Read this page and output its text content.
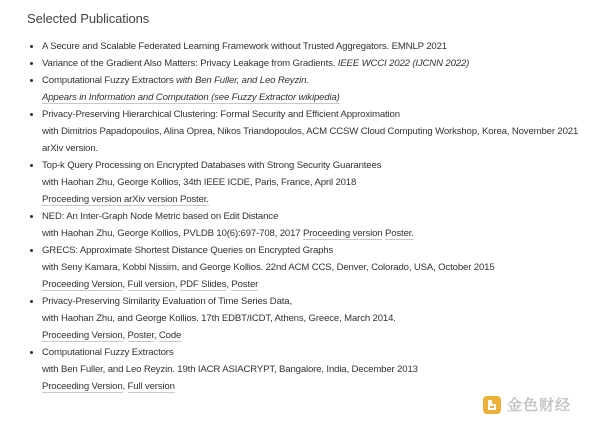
Selected Publications
A Secure and Scalable Federated Learning Framework without Trusted Aggregators. EMNLP 2021
Variance of the Gradient Also Matters: Privacy Leakage from Gradients. IEEE WCCI 2022 (IJCNN 2022)
Computational Fuzzy Extractors with Ben Fuller, and Leo Reyzin.
Appears in Information and Computation (see Fuzzy Extractor wikipedia)
Privacy-Preserving Hierarchical Clustering: Formal Security and Efficient Approximation
with Dimitrios Papadopoulos, Alina Oprea, Nikos Triandopoulos, ACM CCSW Cloud Computing Workshop, Korea, November 2021
arXiv version.
Top-k Query Processing on Encrypted Databases with Strong Security Guarantees
with Haohan Zhu, George Kollios, 34th IEEE ICDE, Paris, France, April 2018
Proceeding version arXiv version Poster.
NED: An Inter-Graph Node Metric based on Edit Distance
with Haohan Zhu, George Kollios, PVLDB 10(6):697-708, 2017 Proceeding version Poster.
GRECS: Approximate Shortest Distance Queries on Encrypted Graphs
with Seny Kamara, Kobbi Nissim, and George Kollios. 22nd ACM CCS, Denver, Colorado, USA, October 2015
Proceeding Version, Full version, PDF Slides, Poster
Privacy-Preserving Similarity Evaluation of Time Series Data,
with Haohan Zhu, and George Kollios. 17th EDBT/ICDT, Athens, Greece, March 2014.
Proceeding Version, Poster, Code
Computational Fuzzy Extractors
with Ben Fuller, and Leo Reyzin. 19th IACR ASIACRYPT, Bangalore, India, December 2013
Proceeding Version, Full version
金色财经
